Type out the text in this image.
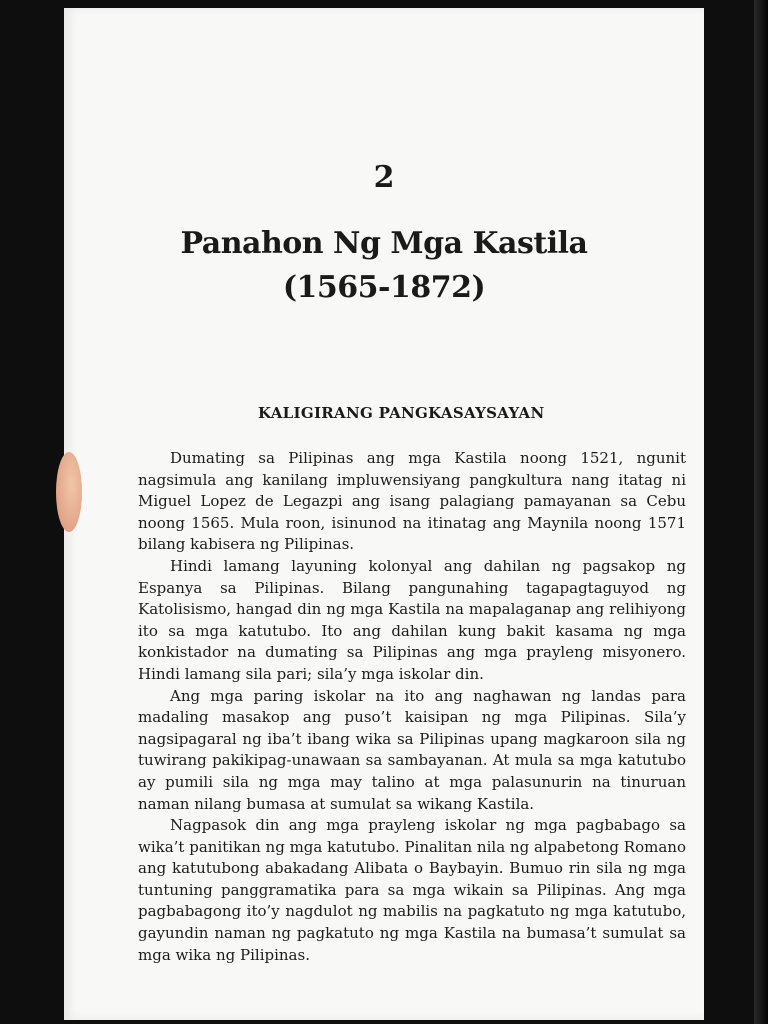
2
Panahon Ng Mga Kastila
(1565-1872)
KALIGIRANG PANGKASAYSAYAN

Dumating sa Pilipinas ang mga Kastila noong 1521, ngunit nagsimula ang kanilang impluwensiyang pangkultura nang itatag ni Miguel Lopez de Legazpi ang isang palagiang pamayanan sa Cebu noong 1565. Mula roon, isinunod na itinatag ang Maynila noong 1571 bilang kabisera ng Pilipinas.

Hindi lamang layuning kolonyal ang dahilan ng pagsakop ng Espanya sa Pilipinas. Bilang pangunahing tagapagtaguyod ng Katolisismo, hangad din ng mga Kastila na mapalaganap ang relihiyong ito sa mga katutubo. Ito ang dahilan kung bakit kasama ng mga konkistador na dumating sa Pilipinas ang mga prayleng misyonero. Hindi lamang sila pari; sila’y mga iskolar din.

Ang mga paring iskolar na ito ang naghawan ng landas para madaling masakop ang puso’t kaisipan ng mga Pilipinas. Sila’y nagsipagaral ng iba’t ibang wika sa Pilipinas upang magkaroon sila ng tuwirang pakikipag-unawaan sa sambayanan. At mula sa mga katutubo ay pumili sila ng mga may talino at mga palasunurin na tinuruan naman nilang bumasa at sumulat sa wikang Kastila.

Nagpasok din ang mga prayleng iskolar ng mga pagbabago sa wika’t panitikan ng mga katutubo. Pinalitan nila ng alpabetong Romano ang katutubong abakadang Alibata o Baybayin. Bumuo rin sila ng mga tuntuning panggramatika para sa mga wikain sa Pilipinas. Ang mga pagbabagong ito’y nagdulot ng mabilis na pagkatuto ng mga katutubo, gayundin naman ng pagkatuto ng mga Kastila na bumasa’t sumulat sa mga wika ng Pilipinas.
